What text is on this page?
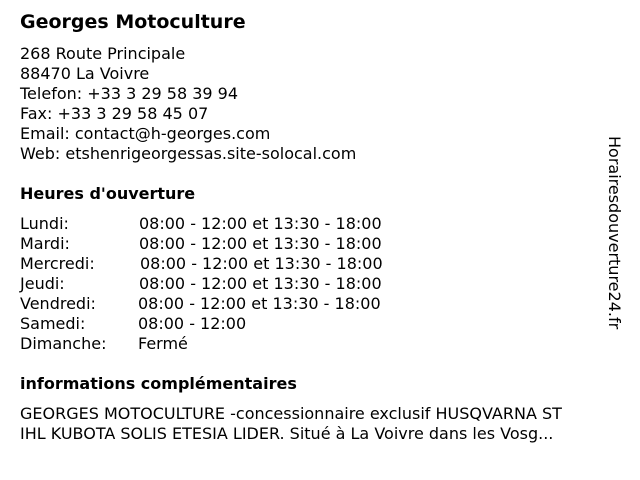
Georges Motoculture
268 Route Principale
88470 La Voivre
Telefon: +33 3 29 58 39 94
Fax: +33 3 29 58 45 07
Email: contact@h-georges.com
Web: etshenrigeorgessas.site-solocal.com
Heures d'ouverture
Lundi:	08:00 - 12:00 et 13:30 - 18:00
Mardi:	08:00 - 12:00 et 13:30 - 18:00
Mercredi:	08:00 - 12:00 et 13:30 - 18:00
Jeudi:	08:00 - 12:00 et 13:30 - 18:00
Vendredi:	08:00 - 12:00 et 13:30 - 18:00
Samedi:	08:00 - 12:00
Dimanche: Fermé
informations complémentaires
GEORGES MOTOCULTURE -concessionnaire exclusif HUSQVARNA ST
IHL KUBOTA SOLIS ETESIA LIDER. Situé à La Voivre dans les Vosg...
Horairesdouverture24.fr
